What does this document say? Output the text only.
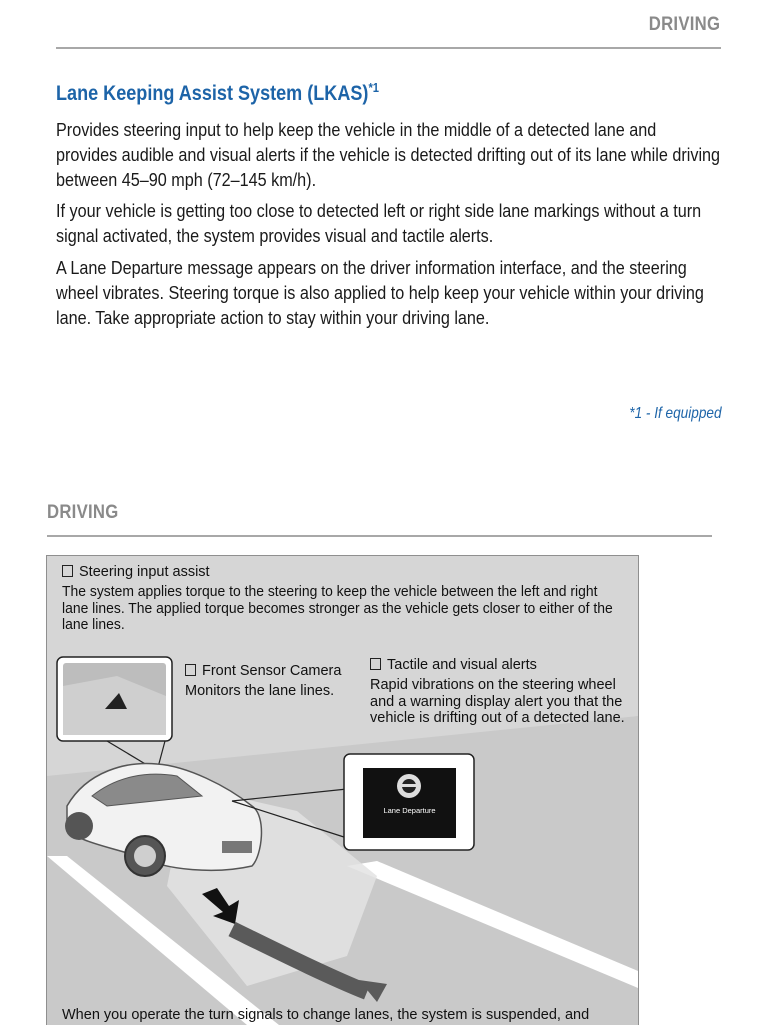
DRIVING
Lane Keeping Assist System (LKAS)$^{*1}$

Provides steering input to help keep the vehicle in the middle of a detected lane and provides audible and visual alerts if the vehicle is detected drifting out of its lane while driving between 45–90 mph (72–145 km/h).

If your vehicle is getting too close to detected left or right side lane markings without a turn signal activated, the system provides visual and tactile alerts.

A Lane Departure message appears on the driver information interface, and the steering wheel vibrates. Steering torque is also applied to help keep your vehicle within your driving lane. Take appropriate action to stay within your driving lane.

*1 - If equipped
DRIVING
Steering input assist
The system applies torque to the steering to keep the vehicle between the left and right lane lines. The applied torque becomes stronger as the vehicle gets closer to either of the lane lines.
Front Sensor Camera
Monitors the lane lines.
Tactile and visual alerts
Rapid vibrations on the steering wheel and a warning display alert you that the vehicle is drifting out of a detected lane.
Lane Departure
When you operate the turn signals to change lanes, the system is suspended, and
